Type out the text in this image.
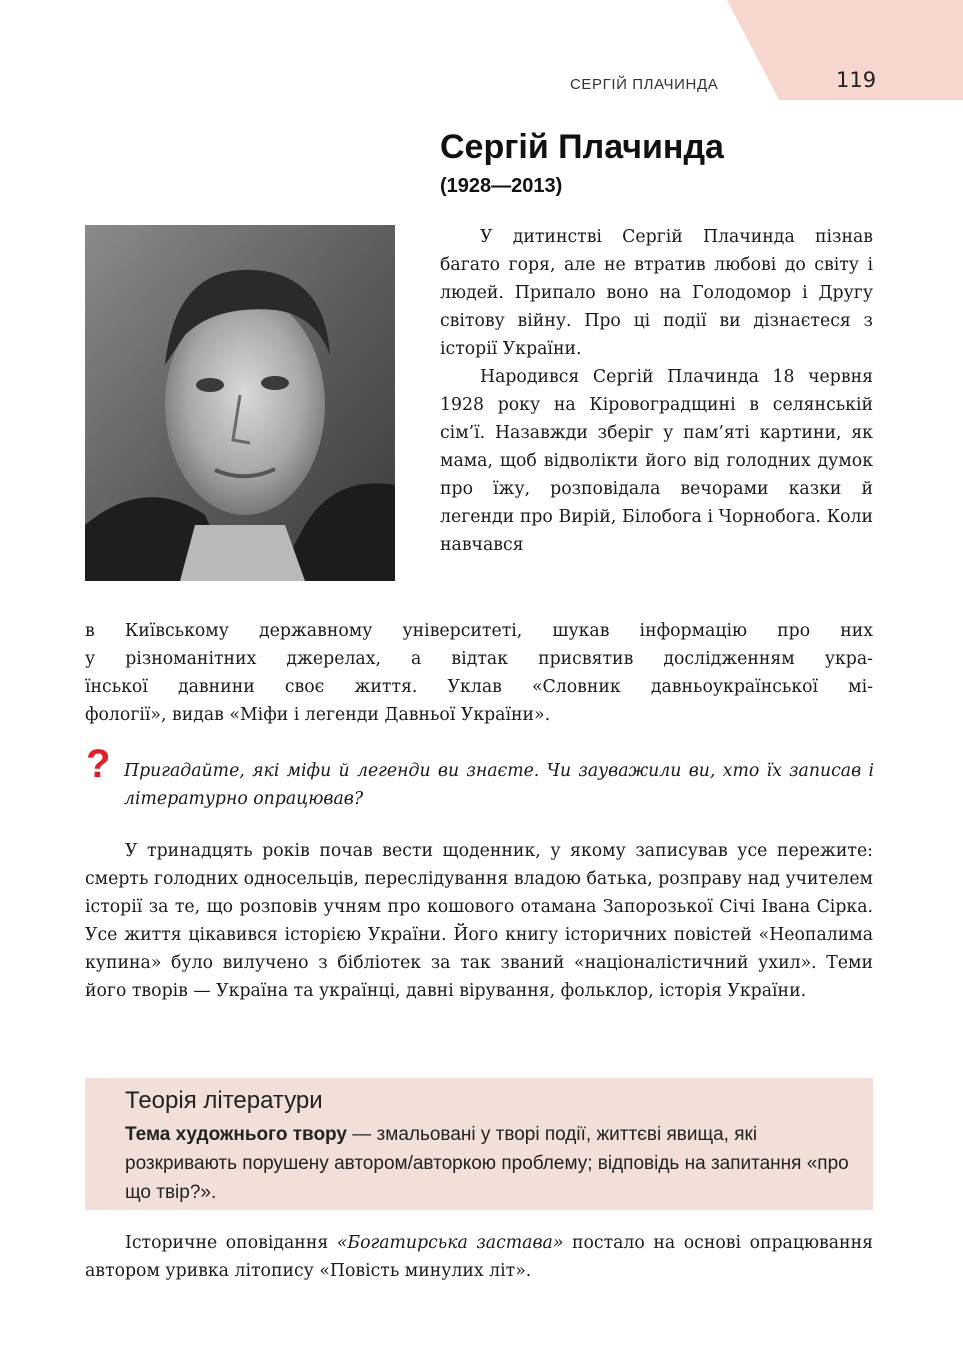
СЕРГІЙ ПЛАЧИНДА	119
Сергій Плачинда
(1928—2013)

У дитинстві Сергій Плачинда пізнав багато горя, але не втратив любові до світу і людей. Припало воно на Голодомор і Другу світову війну. Про ці події ви дізнаєтеся з історії України.

Народився Сергій Плачинда 18 червня 1928 року на Кіровоградщині в селянській сім’ї. Назавжди зберіг у пам’яті картини, як мама, щоб відволікти його від голодних думок про їжу, розповідала вечорами казки й легенди про Вирій, Білобога і Чорнобога. Коли навчався

в Київському державному університеті, шукав інформацію про них

у різноманітних джерелах, а відтак присвятив дослідженням укра-

їнської давнини своє життя. Уклав «Словник давньоукраїнської мі-

фології», видав «Міфи і легенди Давньої України».

? Пригадайте, які міфи й легенди ви знаєте. Чи зауважили ви, хто їх записав і літературно опрацював?

У тринадцять років почав вести щоденник, у якому записував усе пережите: смерть голодних односельців, переслідування владою батька, розправу над учителем історії за те, що розповів учням про кошового отамана Запорозької Січі Івана Сірка. Усе життя цікавився історією України. Його книгу історичних повістей «Неопалима купина» було вилучено з бібліотек за так званий «націоналістичний ухил». Теми його творів — Україна та українці, давні вірування, фольклор, історія України.

Теорія літератури

Тема художнього твору — змальовані у творі події, життєві явища, які розкривають порушену автором/авторкою проблему; відповідь на запитання «про що твір?».

Історичне оповідання «Богатирська застава» постало на основі опрацювання автором уривка літопису «Повість минулих літ».
